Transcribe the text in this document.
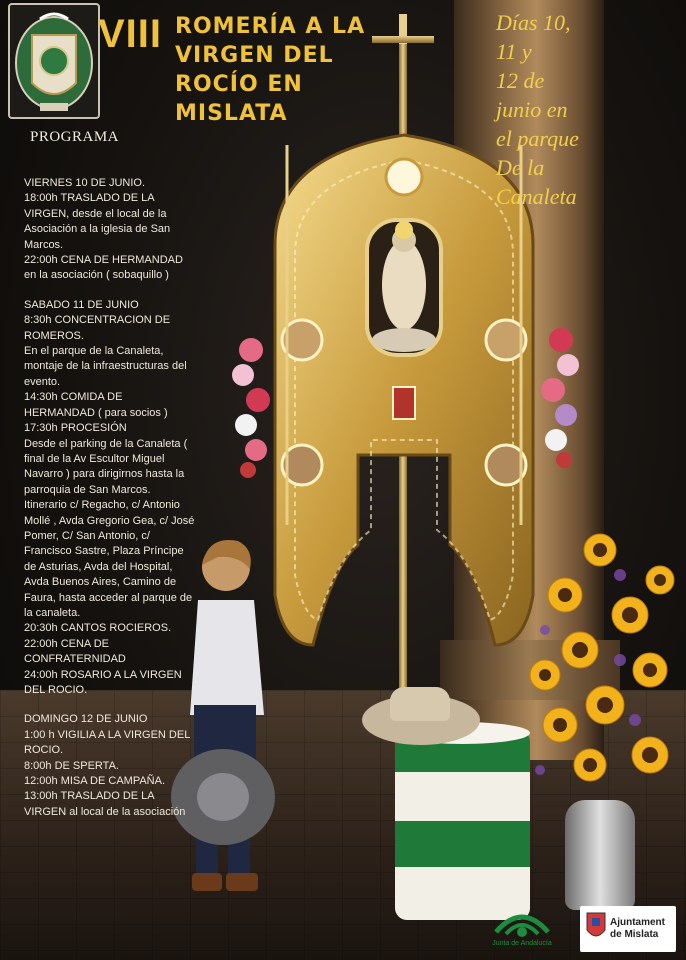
VIII ROMERÍA A LA
VIRGEN DEL
ROCÍO EN
MISLATA
Días 10,
11 y
12 de
junio en
el parque
De la
Canaleta
PROGRAMA

VIERNES 10 DE JUNIO.

18:00h TRASLADO DE LA VIRGEN, desde el local de la Asociación a la iglesia de San Marcos.

22:00h CENA DE HERMANDAD en la asociación ( sobaquillo )

SABADO 11 DE JUNIO

8:30h CONCENTRACION DE ROMEROS.

En el parque de la Canaleta, montaje de la infraestructuras del evento.

14:30h COMIDA DE HERMANDAD ( para socios )

17:30h PROCESIÓN

Desde el parking de la Canaleta ( final de la Av Escultor Miguel Navarro ) para dirigirnos hasta la parroquia de San Marcos. Itinerario c/ Regacho, c/ Antonio Mollé , Avda Gregorio Gea, c/ José Pomer, C/ San Antonio, c/ Francisco Sastre, Plaza Príncipe de Asturias, Avda del Hospital, Avda Buenos Aires, Camino de Faura, hasta acceder al parque de la canaleta.

20:30h CANTOS ROCIEROS.

22:00h CENA DE CONFRATERNIDAD

24:00h ROSARIO A LA VIRGEN DEL ROCIO.

DOMINGO 12 DE JUNIO

1:00 h VIGILIA A LA VIRGEN DEL ROCIO.

8:00h DE SPERTA.

12:00h MISA DE CAMPAÑA.

13:00h TRASLADO DE LA VIRGEN al local de la asociación

Junta de Andalucía
Ajuntament
de Mislata
